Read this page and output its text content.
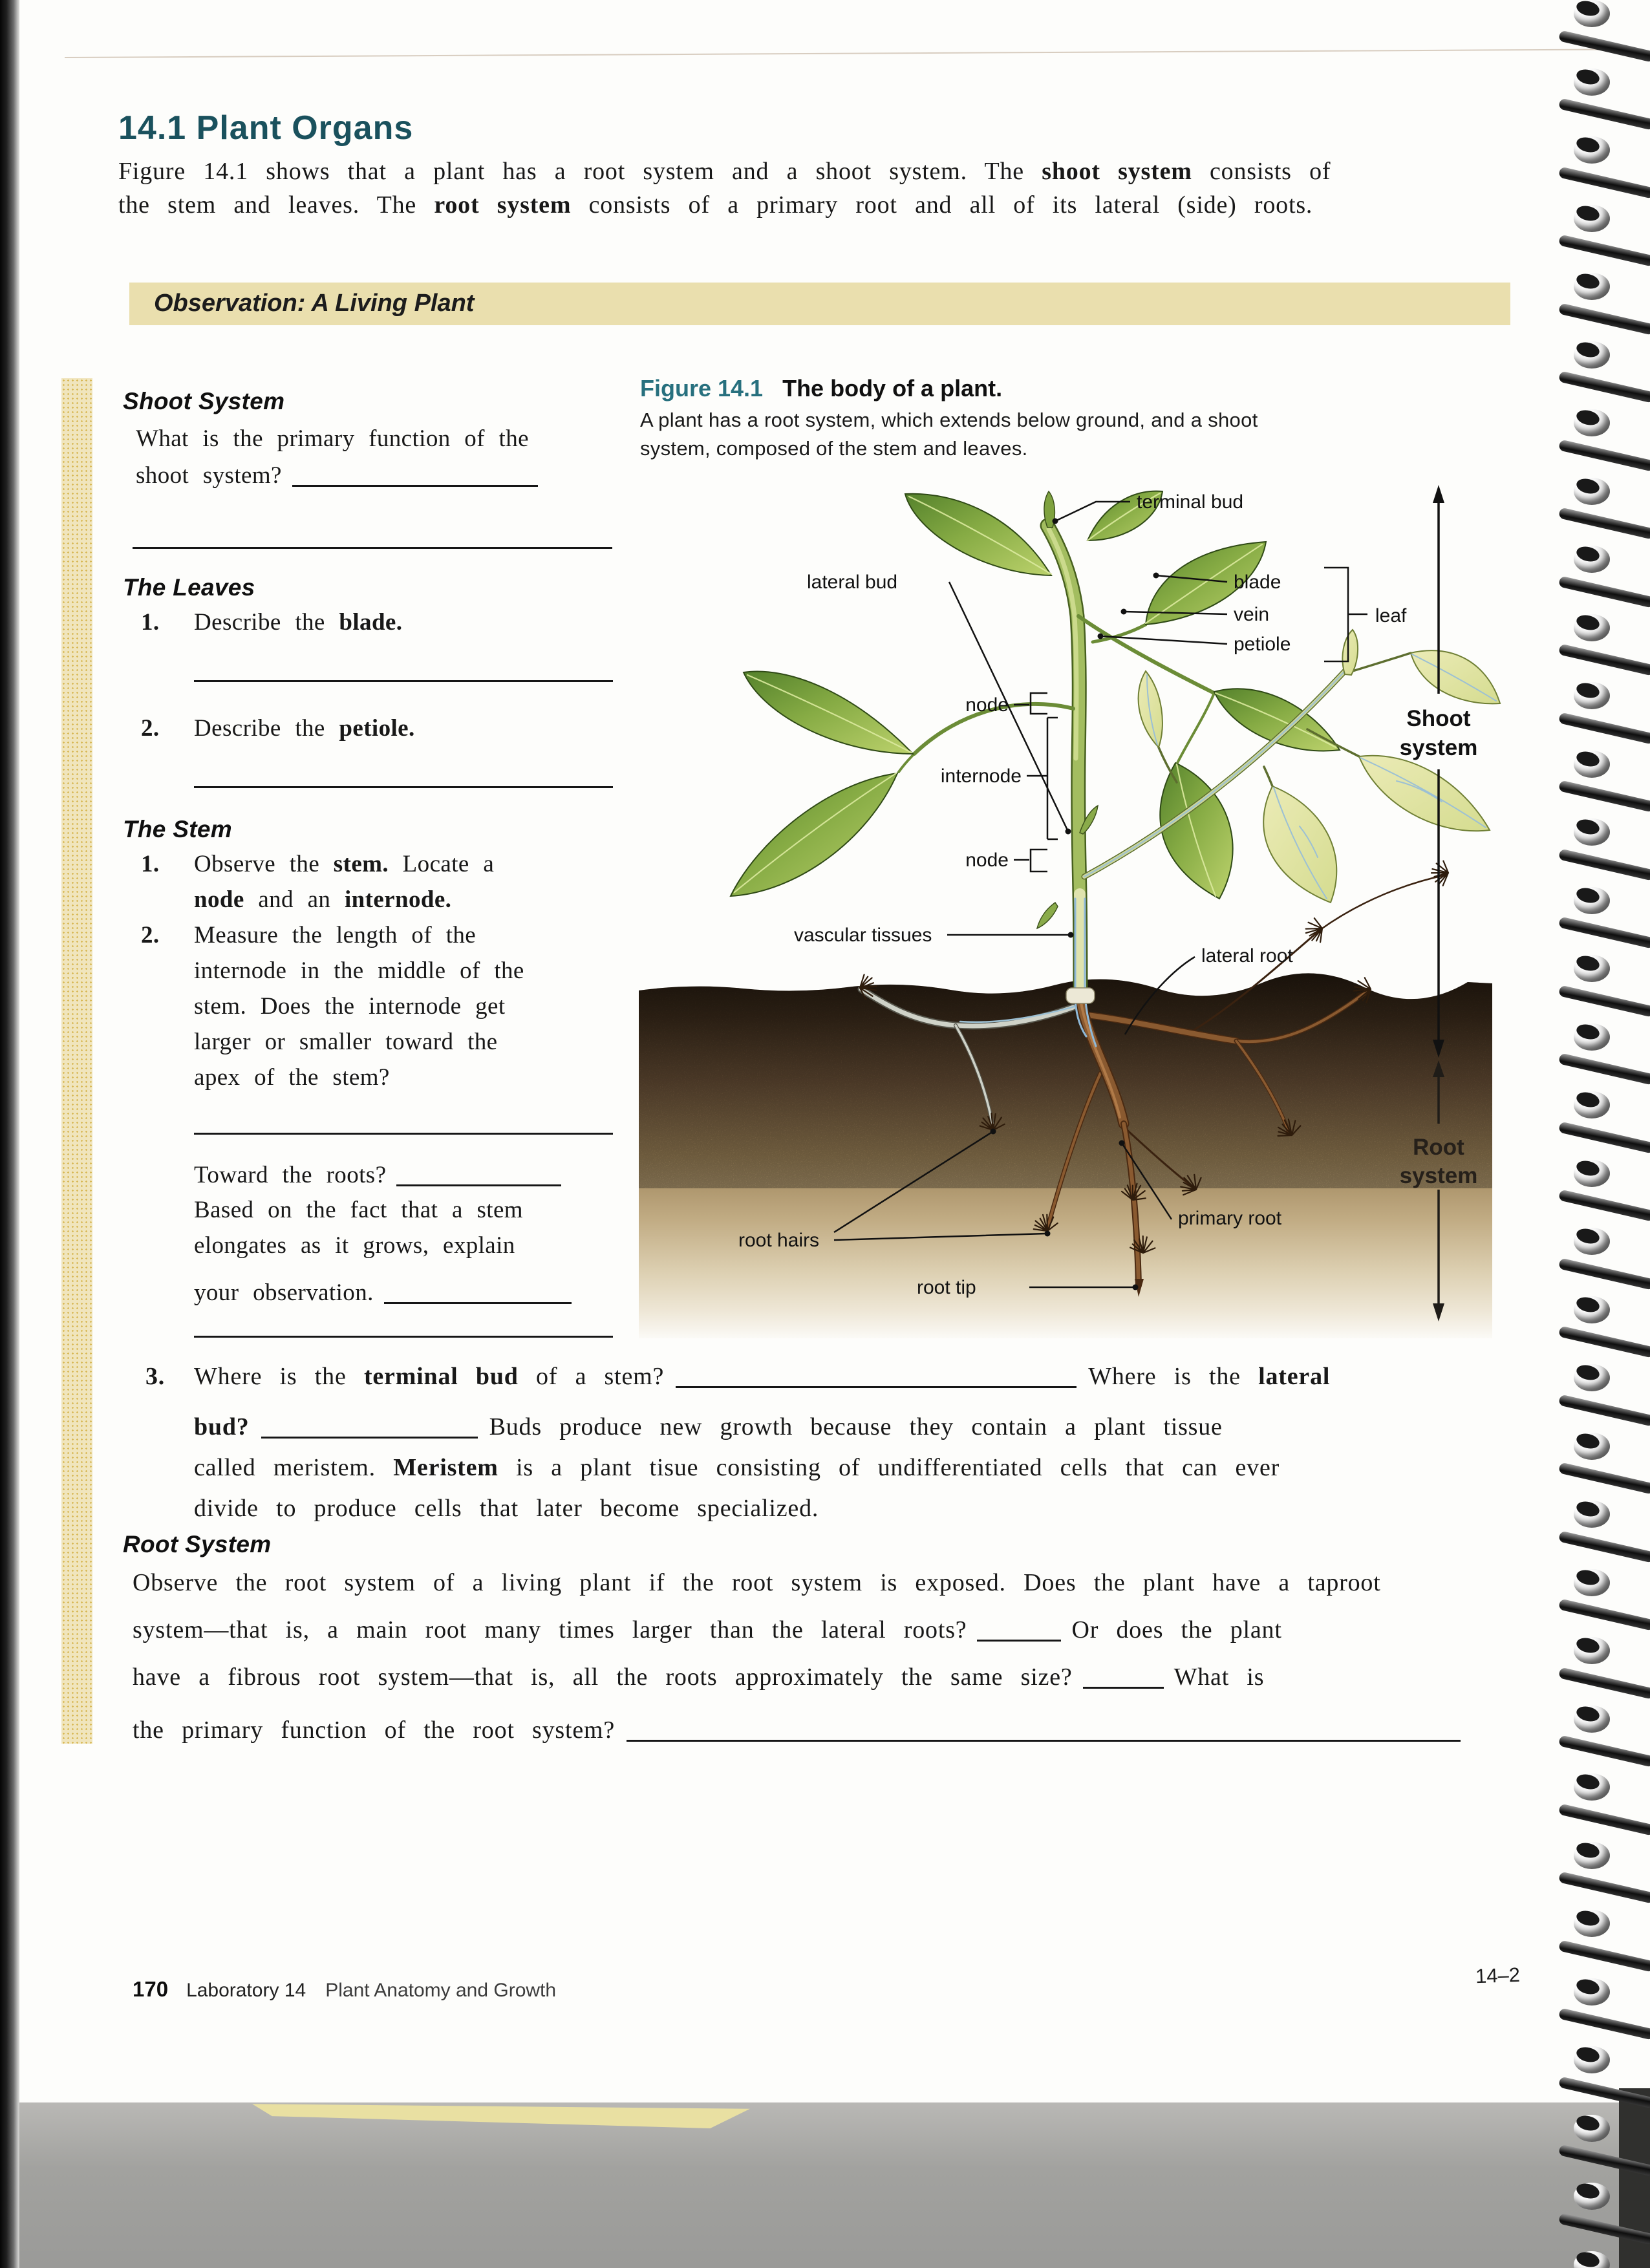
14.1 Plant Organs
Figure 14.1 shows that a plant has a root system and a shoot system. The shoot system consists of
the stem and leaves. The root system consists of a primary root and all of its lateral (side) roots.
Observation: A Living Plant
Shoot System
What is the primary function of the
shoot system?
The Leaves
1. Describe the blade.
2. Describe the petiole.
The Stem
1. Observe the stem. Locate a
node and an internode.
2. Measure the length of the
internode in the middle of the
stem. Does the internode get
larger or smaller toward the
apex of the stem?
Toward the roots?
Based on the fact that a stem
elongates as it grows, explain
your observation.
3. Where is the terminal bud of a stem?	Where is the lateral
bud?	Buds produce new growth because they contain a plant tissue
called meristem. Meristem is a plant tisue consisting of undifferentiated cells that can ever
divide to produce cells that later become specialized.
Root System
Observe the root system of a living plant if the root system is exposed. Does the plant have a taproot
system—that is, a main root many times larger than the lateral roots?	Or does the plant
have a fibrous root system—that is, all the roots approximately the same size?	What is
the primary function of the root system?
Figure 14.1 The body of a plant.
A plant has a root system, which extends below ground, and a shoot
system, composed of the stem and leaves.
terminal bud
lateral bud	blade
vein
petiole
leaf
node
internode
node
vascular tissues
lateral root
root hairs
primary root
root tip
Shoot
system
Root
system
170 Laboratory 14 Plant Anatomy and Growth
14–2
